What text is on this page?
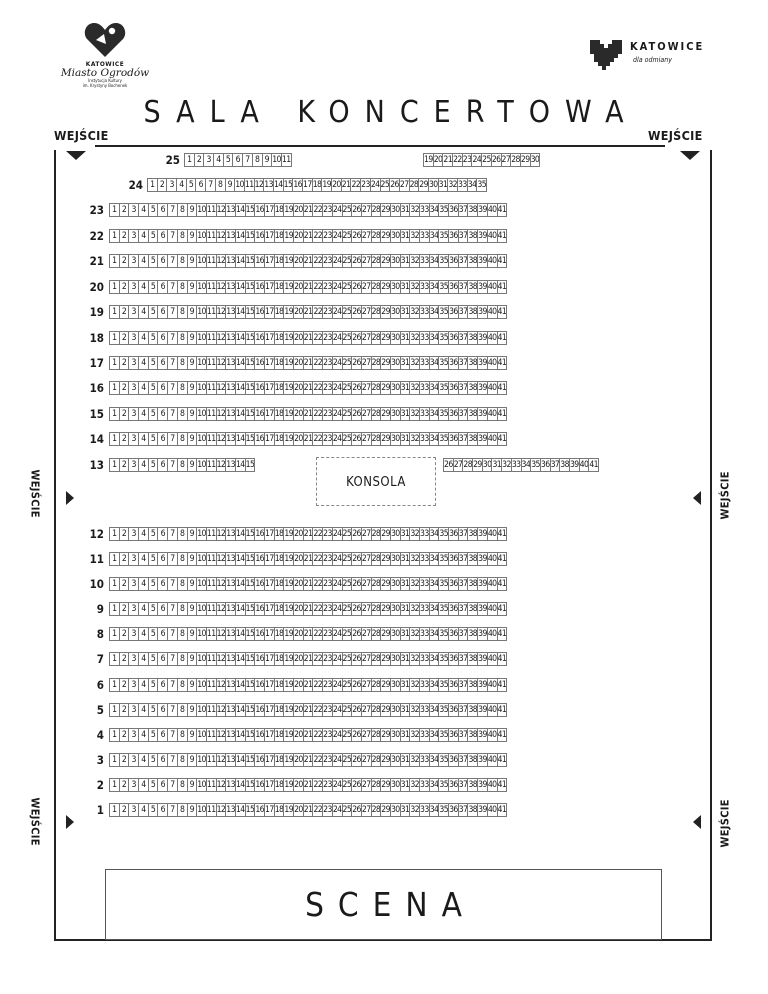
KATOWICE
Miasto Ogrodów
Instytucja Kultury
im. Krystyny Bochenek
KATOWICE
dla odmiany
SALA KONCERTOWA
WEJŚCIE	WEJŚCIE
WEJŚCIE	WEJŚCIE
WEJŚCIE	WEJŚCIE
25 1 2 3 4 5 6 7 8 9 10 11	19 20 21 22 23 24 25 26 27 28 29 30
24 1 2 3 4 5 6 7 8 9 10 11 12 13 14 15 16 17 18 19 20 21 22 23 24 25 26 27 28 29 30 31 32 33 34 35
23 1 2 3 4 5 6 7 8 9 10 11 12 13 14 15 16 17 18 19 20 21 22 23 24 25 26 27 28 29 30 31 32 33 34 35 36 37 38 39 40 41
22 1 2 3 4 5 6 7 8 9 10 11 12 13 14 15 16 17 18 19 20 21 22 23 24 25 26 27 28 29 30 31 32 33 34 35 36 37 38 39 40 41
21 1 2 3 4 5 6 7 8 9 10 11 12 13 14 15 16 17 18 19 20 21 22 23 24 25 26 27 28 29 30 31 32 33 34 35 36 37 38 39 40 41
20 1 2 3 4 5 6 7 8 9 10 11 12 13 14 15 16 17 18 19 20 21 22 23 24 25 26 27 28 29 30 31 32 33 34 35 36 37 38 39 40 41
19 1 2 3 4 5 6 7 8 9 10 11 12 13 14 15 16 17 18 19 20 21 22 23 24 25 26 27 28 29 30 31 32 33 34 35 36 37 38 39 40 41
18 1 2 3 4 5 6 7 8 9 10 11 12 13 14 15 16 17 18 19 20 21 22 23 24 25 26 27 28 29 30 31 32 33 34 35 36 37 38 39 40 41
17 1 2 3 4 5 6 7 8 9 10 11 12 13 14 15 16 17 18 19 20 21 22 23 24 25 26 27 28 29 30 31 32 33 34 35 36 37 38 39 40 41
16 1 2 3 4 5 6 7 8 9 10 11 12 13 14 15 16 17 18 19 20 21 22 23 24 25 26 27 28 29 30 31 32 33 34 35 36 37 38 39 40 41
15 1 2 3 4 5 6 7 8 9 10 11 12 13 14 15 16 17 18 19 20 21 22 23 24 25 26 27 28 29 30 31 32 33 34 35 36 37 38 39 40 41
14 1 2 3 4 5 6 7 8 9 10 11 12 13 14 15 16 17 18 19 20 21 22 23 24 25 26 27 28 29 30 31 32 33 34 35 36 37 38 39 40 41
13 1 2 3 4 5 6 7 8 9 10 11 12 13 14 15	26 27 28 29 30 31 32 33 34 35 36 37 38 39 40 41
12 1 2 3 4 5 6 7 8 9 10 11 12 13 14 15 16 17 18 19 20 21 22 23 24 25 26 27 28 29 30 31 32 33 34 35 36 37 38 39 40 41
11 1 2 3 4 5 6 7 8 9 10 11 12 13 14 15 16 17 18 19 20 21 22 23 24 25 26 27 28 29 30 31 32 33 34 35 36 37 38 39 40 41
10 1 2 3 4 5 6 7 8 9 10 11 12 13 14 15 16 17 18 19 20 21 22 23 24 25 26 27 28 29 30 31 32 33 34 35 36 37 38 39 40 41
9 1 2 3 4 5 6 7 8 9 10 11 12 13 14 15 16 17 18 19 20 21 22 23 24 25 26 27 28 29 30 31 32 33 34 35 36 37 38 39 40 41
8 1 2 3 4 5 6 7 8 9 10 11 12 13 14 15 16 17 18 19 20 21 22 23 24 25 26 27 28 29 30 31 32 33 34 35 36 37 38 39 40 41
7 1 2 3 4 5 6 7 8 9 10 11 12 13 14 15 16 17 18 19 20 21 22 23 24 25 26 27 28 29 30 31 32 33 34 35 36 37 38 39 40 41
6 1 2 3 4 5 6 7 8 9 10 11 12 13 14 15 16 17 18 19 20 21 22 23 24 25 26 27 28 29 30 31 32 33 34 35 36 37 38 39 40 41
5 1 2 3 4 5 6 7 8 9 10 11 12 13 14 15 16 17 18 19 20 21 22 23 24 25 26 27 28 29 30 31 32 33 34 35 36 37 38 39 40 41
4 1 2 3 4 5 6 7 8 9 10 11 12 13 14 15 16 17 18 19 20 21 22 23 24 25 26 27 28 29 30 31 32 33 34 35 36 37 38 39 40 41
3 1 2 3 4 5 6 7 8 9 10 11 12 13 14 15 16 17 18 19 20 21 22 23 24 25 26 27 28 29 30 31 32 33 34 35 36 37 38 39 40 41
2 1 2 3 4 5 6 7 8 9 10 11 12 13 14 15 16 17 18 19 20 21 22 23 24 25 26 27 28 29 30 31 32 33 34 35 36 37 38 39 40 41
1 1 2 3 4 5 6 7 8 9 10 11 12 13 14 15 16 17 18 19 20 21 22 23 24 25 26 27 28 29 30 31 32 33 34 35 36 37 38 39 40 41
KONSOLA
SCENA
